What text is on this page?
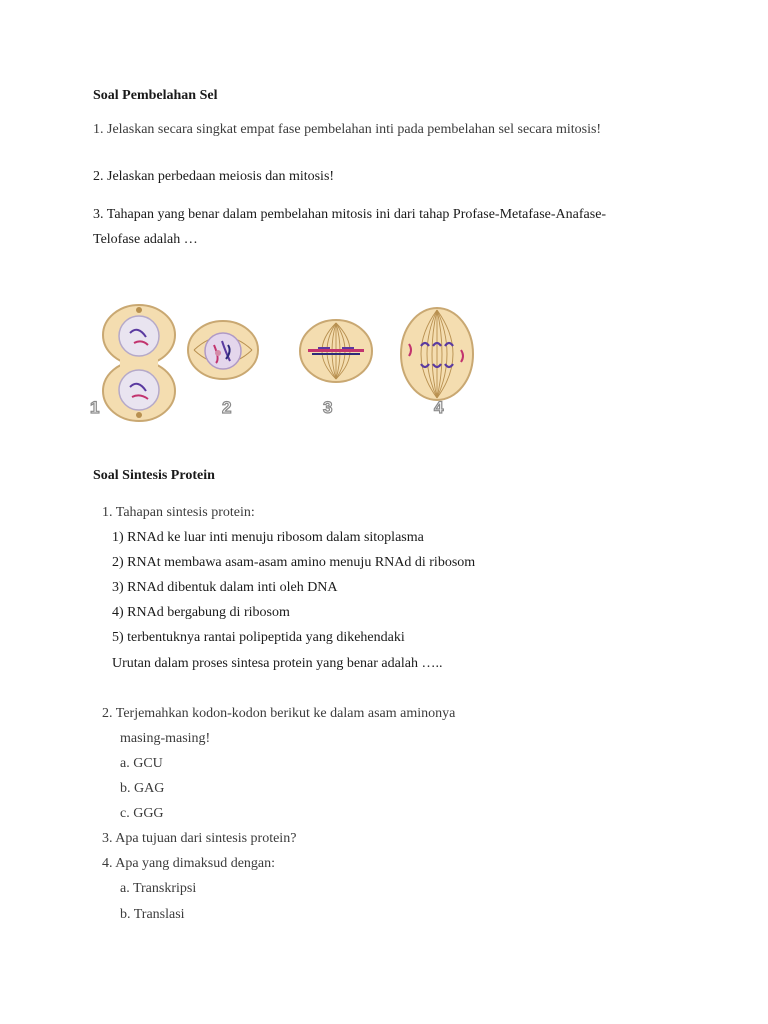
Soal Pembelahan Sel
1. Jelaskan secara singkat empat fase pembelahan inti pada pembelahan sel secara mitosis!
2. Jelaskan perbedaan meiosis dan mitosis!
3. Tahapan yang benar dalam pembelahan mitosis ini dari tahap Profase-Metafase-Anafase-
Telofase adalah …
1	2	3	4
Soal Sintesis Protein
1. Tahapan sintesis protein:
1) RNAd ke luar inti menuju ribosom dalam sitoplasma
2) RNAt membawa asam-asam amino menuju RNAd di ribosom
3) RNAd dibentuk dalam inti oleh DNA
4) RNAd bergabung di ribosom
5) terbentuknya rantai polipeptida yang dikehendaki
Urutan dalam proses sintesa protein yang benar adalah …..
2. Terjemahkan kodon-kodon berikut ke dalam asam aminonya
masing-masing!
a. GCU
b. GAG
c. GGG
3. Apa tujuan dari sintesis protein?
4. Apa yang dimaksud dengan:
a. Transkripsi
b. Translasi
